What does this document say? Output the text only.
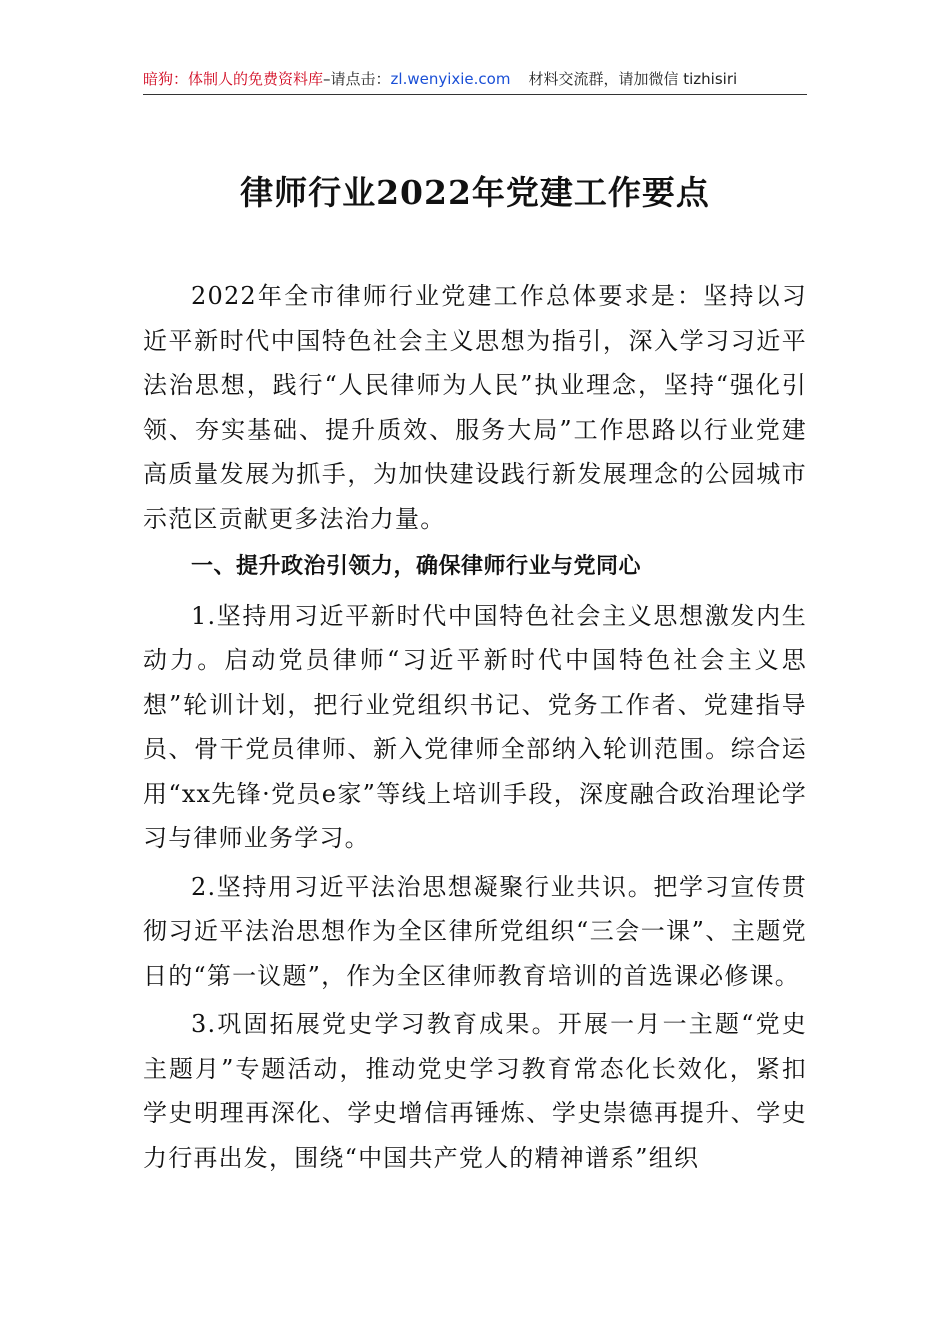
暗狗：体制人的免费资料库–请点击：zl.wenyixie.com 材料交流群，请加微信 tizhisiri
律师行业2022年党建工作要点

2022年全市律师行业党建工作总体要求是：坚持以习近平新时代中国特色社会主义思想为指引，深入学习习近平法治思想，践行“人民律师为人民”执业理念，坚持“强化引领、夯实基础、提升质效、服务大局”工作思路以行业党建高质量发展为抓手，为加快建设践行新发展理念的公园城市示范区贡献更多法治力量。

一、提升政治引领力，确保律师行业与党同心

1.坚持用习近平新时代中国特色社会主义思想激发内生动力。启动党员律师“习近平新时代中国特色社会主义思想”轮训计划，把行业党组织书记、党务工作者、党建指导员、骨干党员律师、新入党律师全部纳入轮训范围。综合运用“xx先锋·党员e家”等线上培训手段，深度融合政治理论学习与律师业务学习。

2.坚持用习近平法治思想凝聚行业共识。把学习宣传贯彻习近平法治思想作为全区律所党组织“三会一课”、主题党日的“第一议题”，作为全区律师教育培训的首选课必修课。

3.巩固拓展党史学习教育成果。开展一月一主题“党史主题月”专题活动，推动党史学习教育常态化长效化，紧扣学史明理再深化、学史增信再锤炼、学史崇德再提升、学史力行再出发，围绕“中国共产党人的精神谱系”组织
